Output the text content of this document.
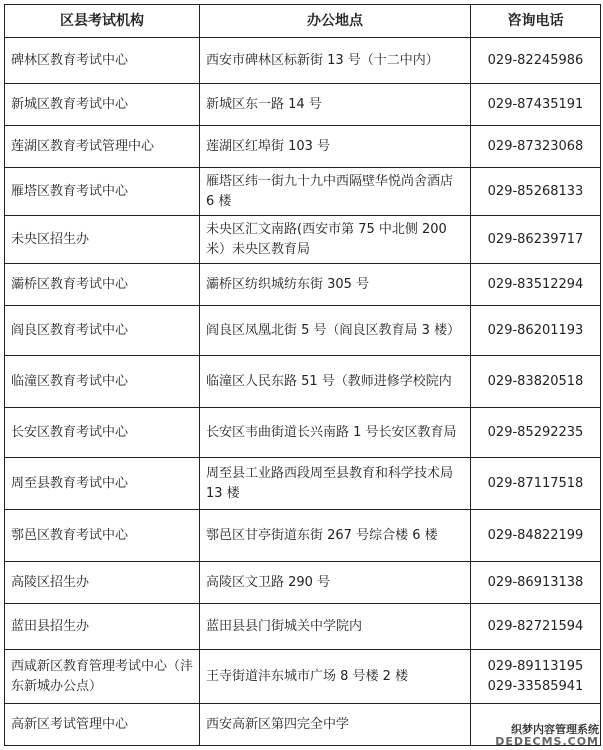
区县考试机构	办公地点	咨询电话
碑林区教育考试中心	西安市碑林区标新街 13 号（十二中内）	029-82245986

新城区教育考试中心	新城区东一路 14 号	029-87435191

莲湖区教育考试管理中心	莲湖区红埠街 103 号	029-87323068

雁塔区教育考试中心	雁塔区纬一街九十九中西隔壁华悦尚舍酒店 6 楼	029-85268133

未央区招生办	未央区汇文南路(西安市第 75 中北侧 200 米）未央区教育局	029-86239717

灞桥区教育考试中心	灞桥区纺织城纺东街 305 号	029-83512294

阎良区教育考试中心	阎良区凤凰北街 5 号（阎良区教育局 3 楼）	029-86201193

临潼区教育考试中心	临潼区人民东路 51 号（教师进修学校院内	029-83820518

长安区教育考试中心	长安区韦曲街道长兴南路 1 号长安区教育局	029-85292235

周至县教育考试中心	周至县工业路西段周至县教育和科学技术局 13 楼	029-87117518

鄠邑区教育考试中心	鄠邑区甘亭街道东街 267 号综合楼 6 楼	029-84822199

高陵区招生办	高陵区文卫路 290 号	029-86913138

蓝田县招生办	蓝田县县门街城关中学院内	029-82721594

西咸新区教育管理考试中心（沣东新城办公点）	王寺街道沣东城市广场 8 号楼 2 楼	029-89113195
029-33585941

高新区考试管理中心	西安高新区第四完全中学		织梦内容管理系统
DEDECMS.COM
